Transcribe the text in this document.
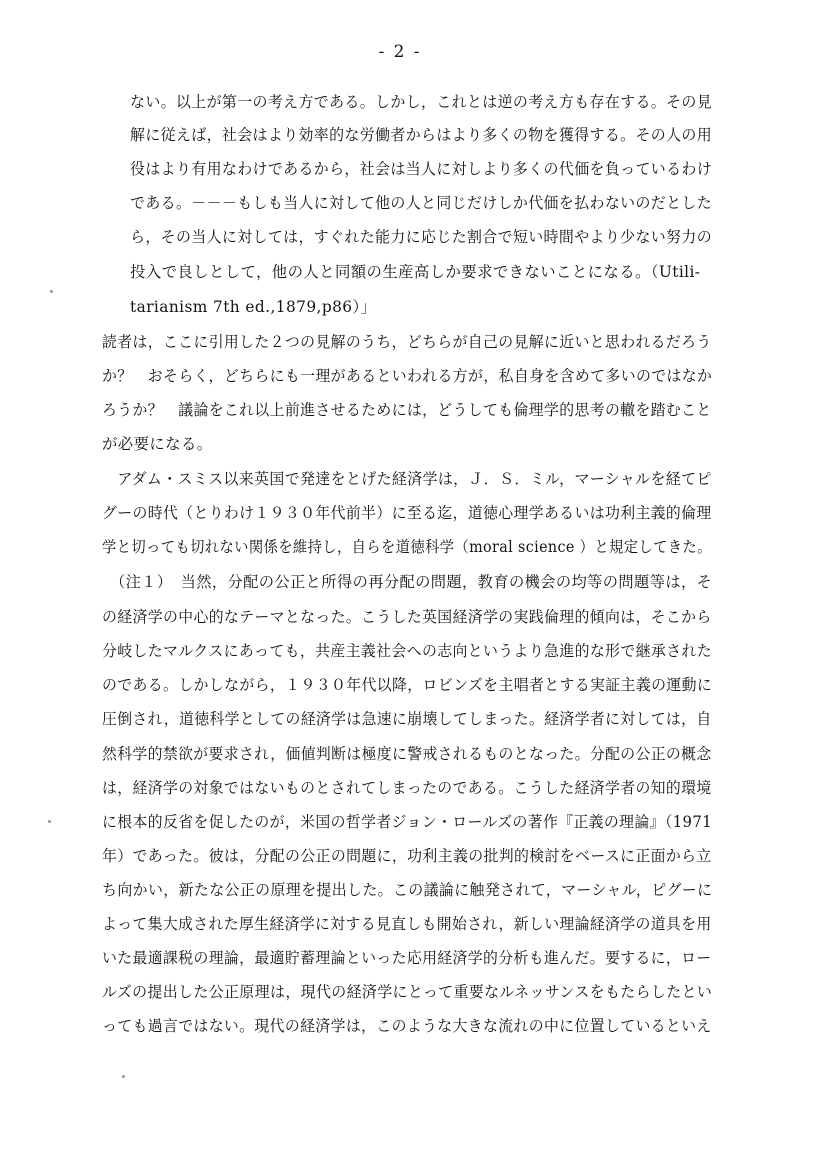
- 2 -
ない。以上が第一の考え方である。しかし，これとは逆の考え方も存在する。その見
解に従えば，社会はより効率的な労働者からはより多くの物を獲得する。その人の用
役はより有用なわけであるから，社会は当人に対しより多くの代価を負っているわけ
である。－－－もしも当人に対して他の人と同じだけしか代価を払わないのだとした
ら，その当人に対しては，すぐれた能力に応じた割合で短い時間やより少ない努力の
投入で良しとして，他の人と同額の生産高しか要求できないことになる。（Utili-
tarianism 7th ed.,1879,p86）」
読者は，ここに引用した２つの見解のうち，どちらが自己の見解に近いと思われるだろう
か？　おそらく，どちらにも一理があるといわれる方が，私自身を含めて多いのではなか
ろうか？　議論をこれ以上前進させるためには，どうしても倫理学的思考の轍を踏むこと
が必要になる。
　アダム・スミス以来英国で発達をとげた経済学は，Ｊ．Ｓ．ミル，マーシャルを経てピ
グーの時代（とりわけ１９３０年代前半）に至る迄，道徳心理学あるいは功利主義的倫理
学と切っても切れない関係を維持し，自らを道徳科学（moral science ）と規定してきた。
　（注１）　当然，分配の公正と所得の再分配の問題，教育の機会の均等の問題等は，そ
の経済学の中心的なテーマとなった。こうした英国経済学の実践倫理的傾向は，そこから
分岐したマルクスにあっても，共産主義社会への志向というより急進的な形で継承された
のである。しかしながら，１９３０年代以降，ロビンズを主唱者とする実証主義の運動に
圧倒され，道徳科学としての経済学は急速に崩壊してしまった。経済学者に対しては，自
然科学的禁欲が要求され，価値判断は極度に警戒されるものとなった。分配の公正の概念
は，経済学の対象ではないものとされてしまったのである。こうした経済学者の知的環境
に根本的反省を促したのが，米国の哲学者ジョン・ロールズの著作『正義の理論』（1971
年）であった。彼は，分配の公正の問題に，功利主義の批判的検討をベースに正面から立
ち向かい，新たな公正の原理を提出した。この議論に触発されて，マーシャル，ピグーに
よって集大成された厚生経済学に対する見直しも開始され，新しい理論経済学の道具を用
いた最適課税の理論，最適貯蓄理論といった応用経済学的分析も進んだ。要するに，ロー
ルズの提出した公正原理は，現代の経済学にとって重要なルネッサンスをもたらしたとい
っても過言ではない。現代の経済学は，このような大きな流れの中に位置しているといえ
